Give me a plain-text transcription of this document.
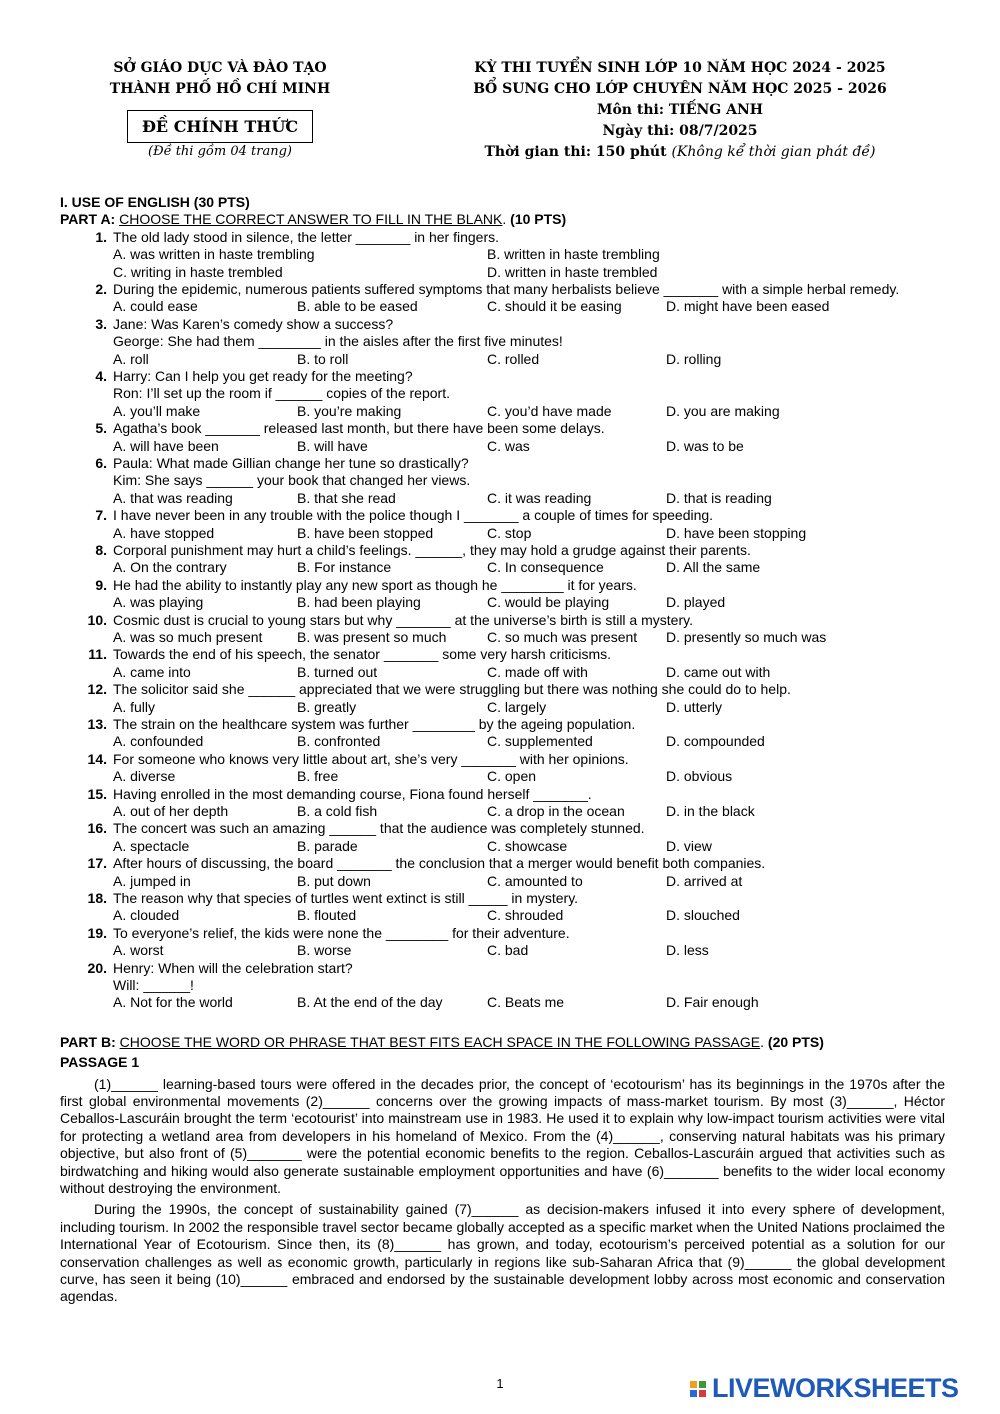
SỞ GIÁO DỤC VÀ ĐÀO TẠO
THÀNH PHỐ HỒ CHÍ MINH
ĐỀ CHÍNH THỨC
(Đề thi gồm 04 trang)
KỲ THI TUYỂN SINH LỚP 10 NĂM HỌC 2024 - 2025
BỔ SUNG CHO LỚP CHUYÊN NĂM HỌC 2025 - 2026
Môn thi: TIẾNG ANH
Ngày thi: 08/7/2025
Thời gian thi: 150 phút (Không kể thời gian phát đề)
I. USE OF ENGLISH (30 PTS)
PART A: CHOOSE THE CORRECT ANSWER TO FILL IN THE BLANK. (10 PTS)
1. The old lady stood in silence, the letter _______ in her fingers.
A. was written in haste trembling	B. written in haste trembling
C. writing in haste trembled	D. written in haste trembled
2. During the epidemic, numerous patients suffered symptoms that many herbalists believe _______ with a simple herbal remedy.
A. could ease	B. able to be eased	C. should it be easing	D. might have been eased
3. Jane: Was Karen’s comedy show a success?
George: She had them ________ in the aisles after the first five minutes!
A. roll	B. to roll	C. rolled	D. rolling
4. Harry: Can I help you get ready for the meeting?
Ron: I’ll set up the room if ______ copies of the report.
A. you’ll make	B. you’re making	C. you’d have made	D. you are making
5. Agatha’s book _______ released last month, but there have been some delays.
A. will have been	B. will have	C. was	D. was to be
6. Paula: What made Gillian change her tune so drastically?
Kim: She says ______ your book that changed her views.
A. that was reading	B. that she read	C. it was reading	D. that is reading
7. I have never been in any trouble with the police though I _______ a couple of times for speeding.
A. have stopped	B. have been stopped	C. stop	D. have been stopping
8. Corporal punishment may hurt a child’s feelings. ______, they may hold a grudge against their parents.
A. On the contrary	B. For instance	C. In consequence	D. All the same
9. He had the ability to instantly play any new sport as though he ________ it for years.
A. was playing	B. had been playing	C. would be playing	D. played
10. Cosmic dust is crucial to young stars but why _______ at the universe’s birth is still a mystery.
A. was so much present B. was present so much	C. so much was present D. presently so much was
11. Towards the end of his speech, the senator _______ some very harsh criticisms.
A. came into	B. turned out	C. made off with	D. came out with
12. The solicitor said she ______ appreciated that we were struggling but there was nothing she could do to help.
A. fully	B. greatly	C. largely	D. utterly
13. The strain on the healthcare system was further ________ by the ageing population.
A. confounded	B. confronted	C. supplemented	D. compounded
14. For someone who knows very little about art, she’s very _______ with her opinions.
A. diverse	B. free	C. open	D. obvious
15. Having enrolled in the most demanding course, Fiona found herself _______.
A. out of her depth	B. a cold fish	C. a drop in the ocean	D. in the black
16. The concert was such an amazing ______ that the audience was completely stunned.
A. spectacle	B. parade	C. showcase	D. view
17. After hours of discussing, the board _______ the conclusion that a merger would benefit both companies.
A. jumped in	B. put down	C. amounted to	D. arrived at
18. The reason why that species of turtles went extinct is still _____ in mystery.
A. clouded	B. flouted	C. shrouded	D. slouched
19. To everyone’s relief, the kids were none the ________ for their adventure.
A. worst	B. worse	C. bad	D. less
20. Henry: When will the celebration start?
Will: ______!
A. Not for the world	B. At the end of the day	C. Beats me	D. Fair enough
PART B: CHOOSE THE WORD OR PHRASE THAT BEST FITS EACH SPACE IN THE FOLLOWING PASSAGE. (20 PTS)
PASSAGE 1

(1)______ learning-based tours were offered in the decades prior, the concept of ‘ecotourism’ has its beginnings in the 1970s after the first global environmental movements (2)______ concerns over the growing impacts of mass-market tourism. By most (3)______, Héctor Ceballos-Lascuráin brought the term ‘ecotourist’ into mainstream use in 1983. He used it to explain why low-impact tourism activities were vital for protecting a wetland area from developers in his homeland of Mexico. From the (4)______, conserving natural habitats was his primary objective, but also front of (5)_______ were the potential economic benefits to the region. Ceballos-Lascuráin argued that activities such as birdwatching and hiking would also generate sustainable employment opportunities and have (6)_______ benefits to the wider local economy without destroying the environment.

During the 1990s, the concept of sustainability gained (7)______ as decision-makers infused it into every sphere of development, including tourism. In 2002 the responsible travel sector became globally accepted as a specific market when the United Nations proclaimed the International Year of Ecotourism. Since then, its (8)______ has grown, and today, ecotourism’s perceived potential as a solution for our conservation challenges as well as economic growth, particularly in regions like sub-Saharan Africa that (9)______ the global development curve, has seen it being (10)______ embraced and endorsed by the sustainable development lobby across most economic and conservation agendas.

1	LIVEWORKSHEETS
